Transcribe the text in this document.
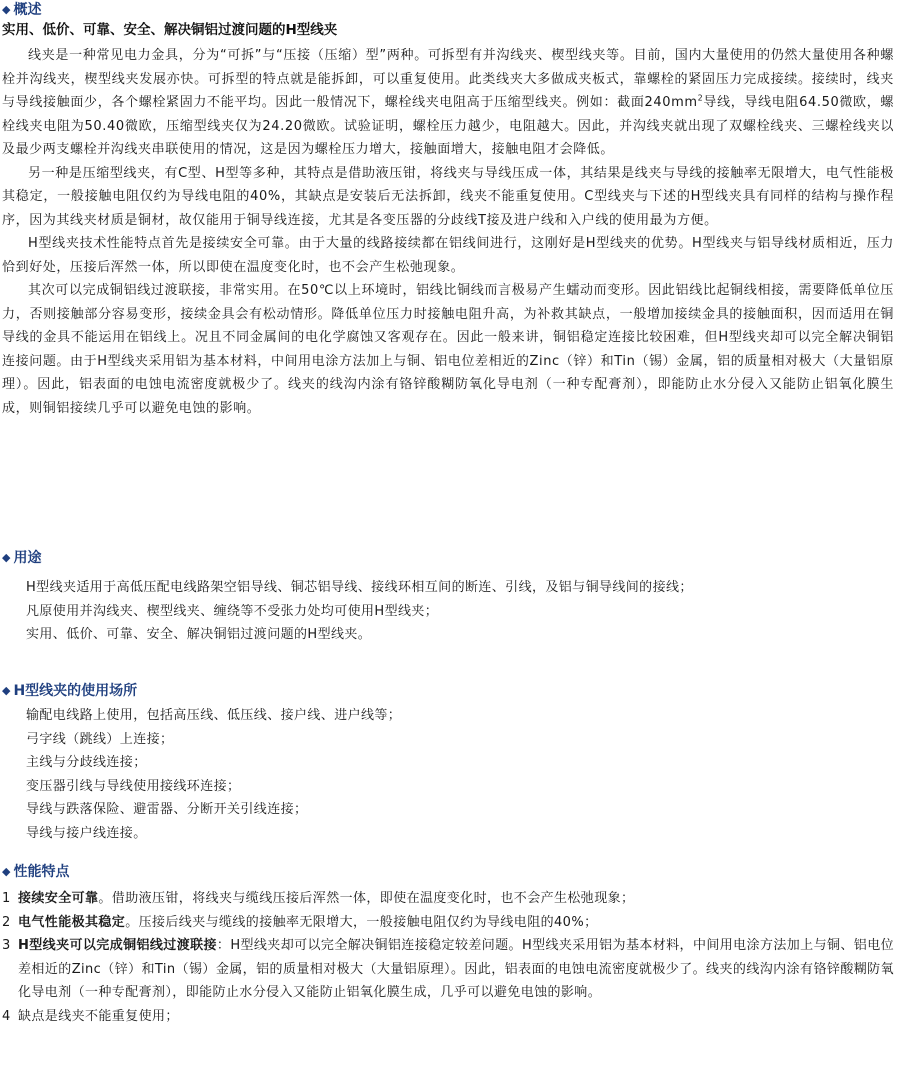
◆ 概述
实用、低价、可靠、安全、解决铜铝过渡问题的H型线夹

线夹是一种常见电力金具，分为“可拆”与“压接（压缩）型”两种。可拆型有并沟线夹、楔型线夹等。目前，国内大量使用的仍然大量使用各种螺栓并沟线夹，楔型线夹发展亦快。可拆型的特点就是能拆卸，可以重复使用。此类线夹大多做成夹板式，靠螺栓的紧固压力完成接续。接续时，线夹与导线接触面少，各个螺栓紧固力不能平均。因此一般情况下，螺栓线夹电阻高于压缩型线夹。例如：截面$240mm^2$导线，导线电阻64.50微欧，螺栓线夹电阻为50.40微欧，压缩型线夹仅为24.20微欧。试验证明，螺栓压力越少，电阻越大。因此，并沟线夹就出现了双螺栓线夹、三螺栓线夹以及最少两支螺栓并沟线夹串联使用的情况，这是因为螺栓压力增大，接触面增大，接触电阻才会降低。

另一种是压缩型线夹，有C型、H型等多种，其特点是借助液压钳，将线夹与导线压成一体，其结果是线夹与导线的接触率无限增大，电气性能极其稳定，一般接触电阻仅约为导线电阻的40%，其缺点是安装后无法拆卸，线夹不能重复使用。C型线夹与下述的H型线夹具有同样的结构与操作程序，因为其线夹材质是铜材，故仅能用于铜导线连接，尤其是各变压器的分歧线T接及进户线和入户线的使用最为方便。

H型线夹技术性能特点首先是接续安全可靠。由于大量的线路接续都在铝线间进行，这刚好是H型线夹的优势。H型线夹与铝导线材质相近，压力恰到好处，压接后浑然一体，所以即使在温度变化时，也不会产生松弛现象。

其次可以完成铜铝线过渡联接，非常实用。在50℃以上环境时，铝线比铜线而言极易产生蠕动而变形。因此铝线比起铜线相接，需要降低单位压力，否则接触部分容易变形，接续金具会有松动情形。降低单位压力时接触电阻升高，为补救其缺点，一般增加接续金具的接触面积，因而适用在铜导线的金具不能运用在铝线上。况且不同金属间的电化学腐蚀又客观存在。因此一般来讲，铜铝稳定连接比较困难，但H型线夹却可以完全解决铜铝连接问题。由于H型线夹采用铝为基本材料，中间用电涂方法加上与铜、铝电位差相近的Zinc（锌）和Tin（锡）金属，铝的质量相对极大（大量铝原理）。因此，铝表面的电蚀电流密度就极少了。线夹的线沟内涂有铬锌酸糊防氧化导电剂（一种专配膏剂），即能防止水分侵入又能防止铝氧化膜生成，则铜铝接续几乎可以避免电蚀的影响。

◆ 用途
H型线夹适用于高低压配电线路架空铝导线、铜芯铝导线、接线环相互间的断连、引线，及铝与铜导线间的接线；
凡原使用并沟线夹、楔型线夹、缠绕等不受张力处均可使用H型线夹；
实用、低价、可靠、安全、解决铜铝过渡问题的H型线夹。
◆ H型线夹的使用场所
输配电线路上使用，包括高压线、低压线、接户线、进户线等；
弓字线（跳线）上连接；
主线与分歧线连接；
变压器引线与导线使用接线环连接；
导线与跌落保险、避雷器、分断开关引线连接；
导线与接户线连接。
◆ 性能特点
1 接续安全可靠。借助液压钳，将线夹与缆线压接后浑然一体，即使在温度变化时，也不会产生松弛现象；
2 电气性能极其稳定。压接后线夹与缆线的接触率无限增大，一般接触电阻仅约为导线电阻的40%；
3 H型线夹可以完成铜铝线过渡联接：H型线夹却可以完全解决铜铝连接稳定较差问题。H型线夹采用铝为基本材料，中间用电涂方法加上与铜、铝电位差相近的Zinc（锌）和Tin（锡）金属，铝的质量相对极大（大量铝原理）。因此，铝表面的电蚀电流密度就极少了。线夹的线沟内涂有铬锌酸糊防氧化导电剂（一种专配膏剂），即能防止水分侵入又能防止铝氧化膜生成，几乎可以避免电蚀的影响。
4 缺点是线夹不能重复使用；
